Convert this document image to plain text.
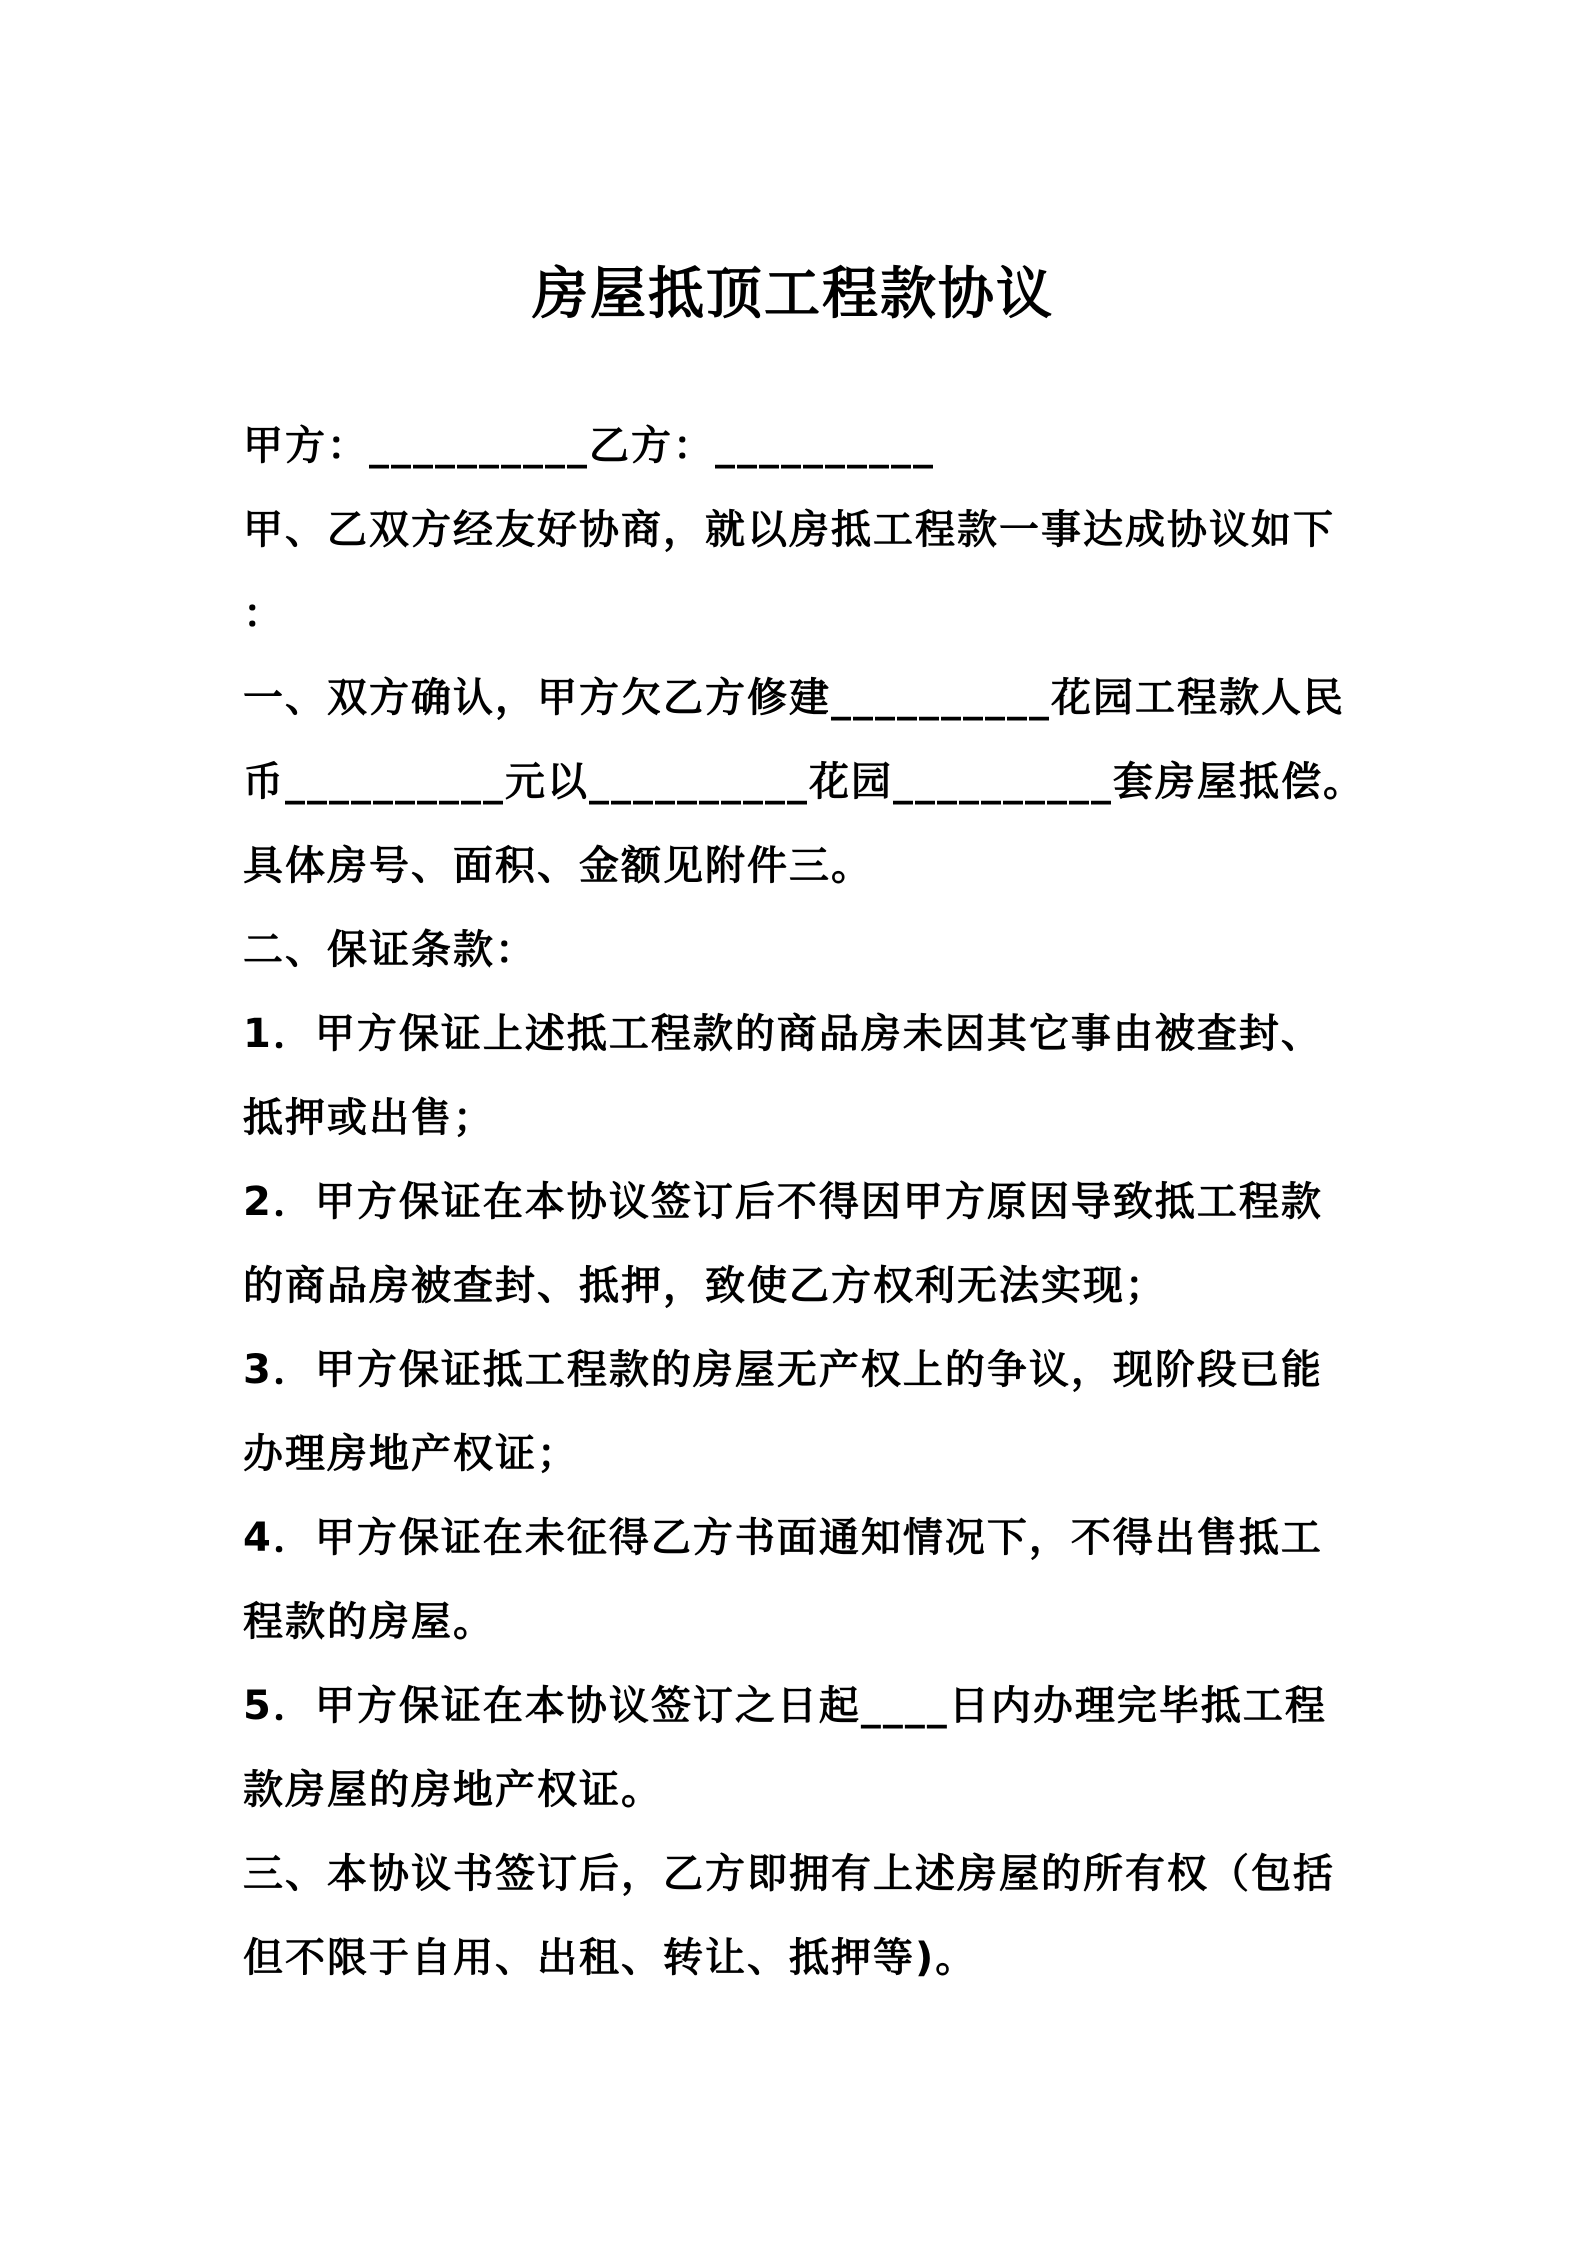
房屋抵顶工程款协议
甲方：__________乙方：__________
甲、乙双方经友好协商，就以房抵工程款一事达成协议如下
：
一、双方确认，甲方欠乙方修建__________花园工程款人民
币__________元以__________花园__________套房屋抵偿。
具体房号、面积、金额见附件三。
二、保证条款：
1．甲方保证上述抵工程款的商品房未因其它事由被查封、
抵押或出售；
2．甲方保证在本协议签订后不得因甲方原因导致抵工程款
的商品房被查封、抵押，致使乙方权利无法实现；
3．甲方保证抵工程款的房屋无产权上的争议，现阶段已能
办理房地产权证；
4．甲方保证在未征得乙方书面通知情况下，不得出售抵工
程款的房屋。
5．甲方保证在本协议签订之日起____日内办理完毕抵工程
款房屋的房地产权证。
三、本协议书签订后，乙方即拥有上述房屋的所有权（包括
但不限于自用、出租、转让、抵押等)。
